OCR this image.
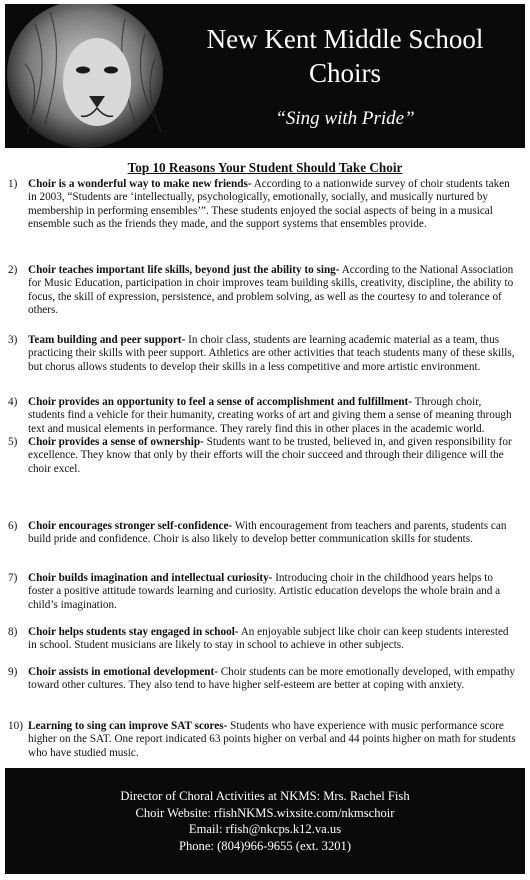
New Kent Middle School
Choirs
“Sing with Pride”
Top 10 Reasons Your Student Should Take Choir
1) Choir is a wonderful way to make new friends- According to a nationwide survey of choir students taken in 2003, “Students are ‘intellectually, psychologically, emotionally, socially, and musically nurtured by membership in performing ensembles’”. These students enjoyed the social aspects of being in a musical ensemble such as the friends they made, and the support systems that ensembles provide.
2) Choir teaches important life skills, beyond just the ability to sing- According to the National Association for Music Education, participation in choir improves team building skills, creativity, discipline, the ability to focus, the skill of expression, persistence, and problem solving, as well as the courtesy to and tolerance of others.
3) Team building and peer support- In choir class, students are learning academic material as a team, thus practicing their skills with peer support. Athletics are other activities that teach students many of these skills, but chorus allows students to develop their skills in a less competitive and more artistic environment.
4) Choir provides an opportunity to feel a sense of accomplishment and fulfillment- Through choir, students find a vehicle for their humanity, creating works of art and giving them a sense of meaning through text and musical elements in performance. They rarely find this in other places in the academic world.
5) Choir provides a sense of ownership- Students want to be trusted, believed in, and given responsibility for excellence. They know that only by their efforts will the choir succeed and through their diligence will the choir excel.
6) Choir encourages stronger self-confidence- With encouragement from teachers and parents, students can build pride and confidence. Choir is also likely to develop better communication skills for students.
7) Choir builds imagination and intellectual curiosity- Introducing choir in the childhood years helps to foster a positive attitude towards learning and curiosity. Artistic education develops the whole brain and a child’s imagination.
8) Choir helps students stay engaged in school- An enjoyable subject like choir can keep students interested in school. Student musicians are likely to stay in school to achieve in other subjects.
9) Choir assists in emotional development- Choir students can be more emotionally developed, with empathy toward other cultures. They also tend to have higher self-esteem are better at coping with anxiety.
10) Learning to sing can improve SAT scores- Students who have experience with music performance score higher on the SAT. One report indicated 63 points higher on verbal and 44 points higher on math for students who have studied music.
Director of Choral Activities at NKMS: Mrs. Rachel Fish
Choir Website: rfishNKMS.wixsite.com/nkmschoir
Email: rfish@nkcps.k12.va.us
Phone: (804)966-9655 (ext. 3201)
